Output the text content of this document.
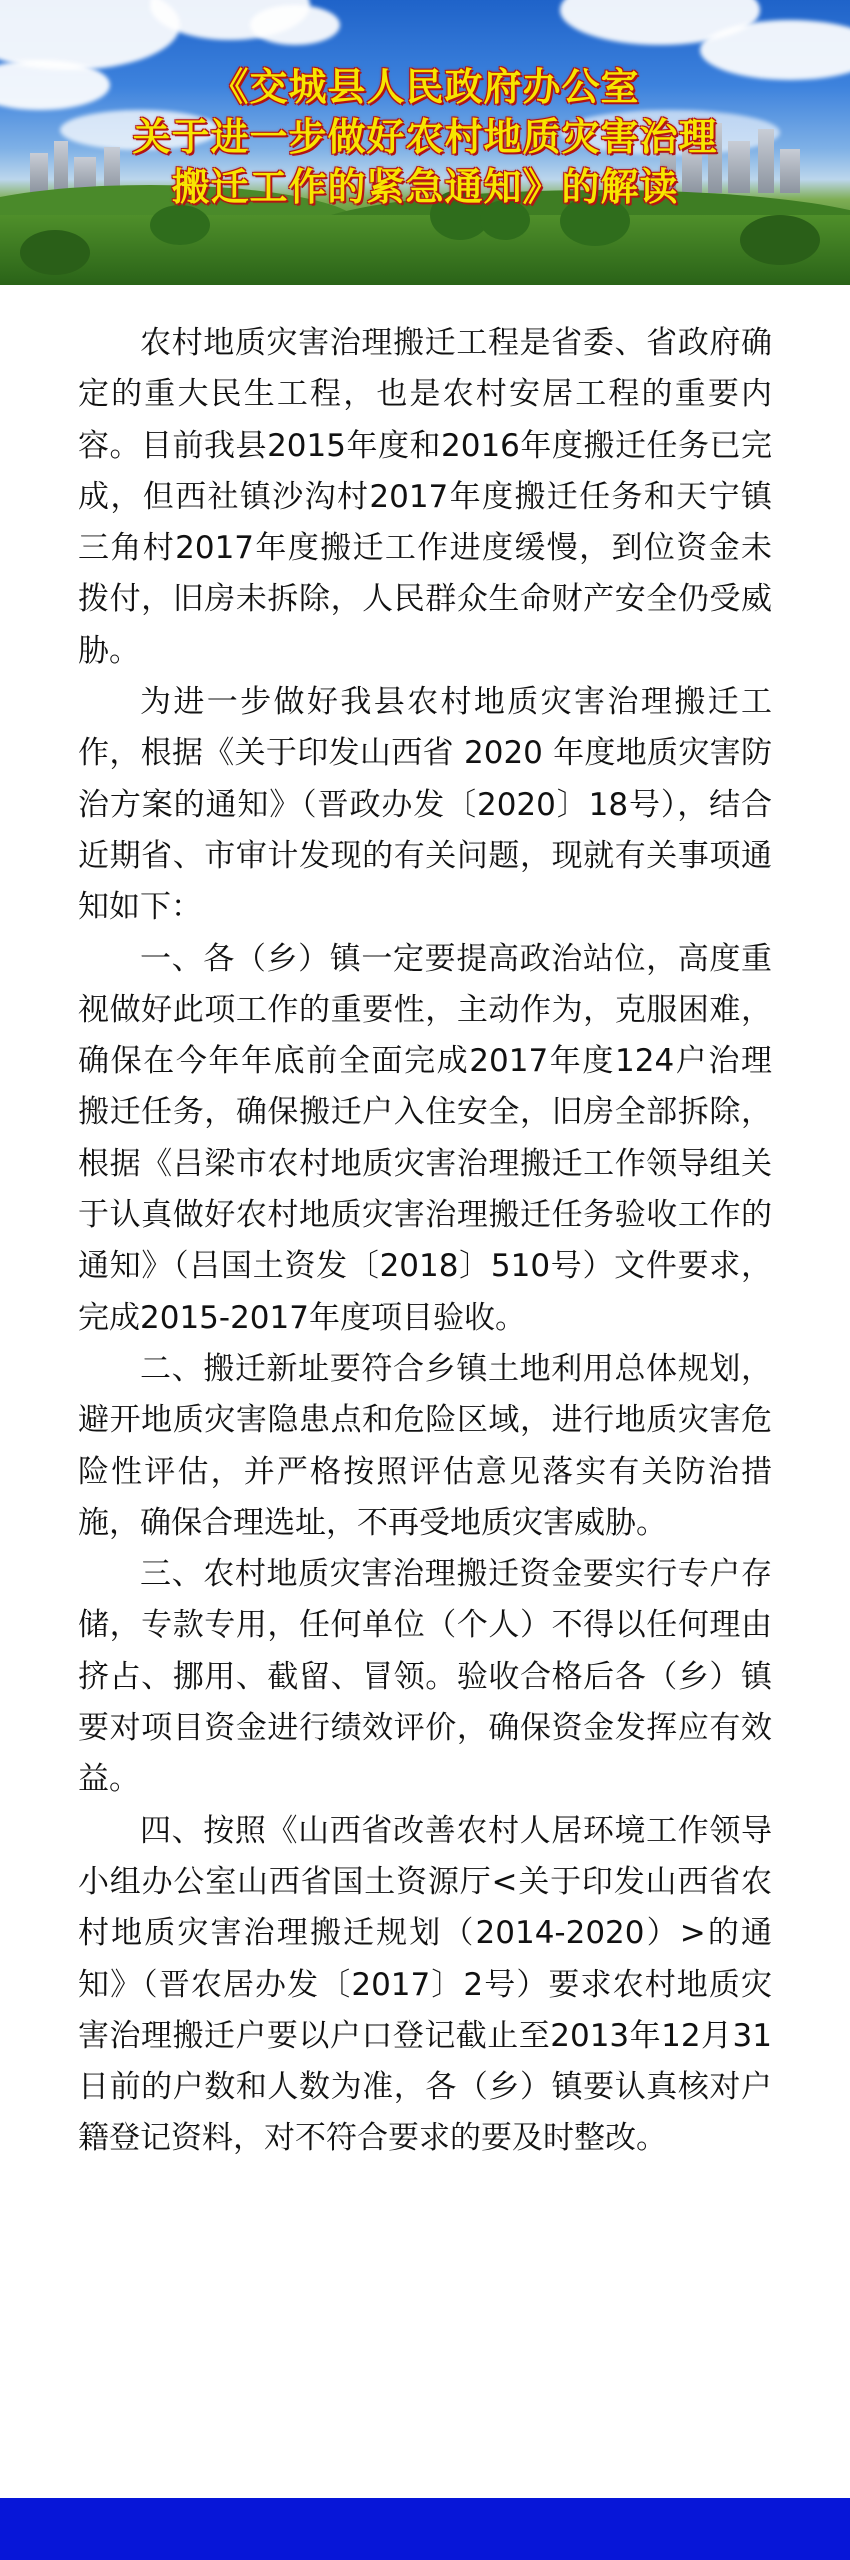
《交城县人民政府办公室
关于进一步做好农村地质灾害治理
搬迁工作的紧急通知》的解读

农村地质灾害治理搬迁工程是省委、省政府确定的重大民生工程，也是农村安居工程的重要内容。目前我县2015年度和2016年度搬迁任务已完成，但西社镇沙沟村2017年度搬迁任务和天宁镇三角村2017年度搬迁工作进度缓慢，到位资金未拨付，旧房未拆除，人民群众生命财产安全仍受威胁。

为进一步做好我县农村地质灾害治理搬迁工作，根据《关于印发山西省 2020 年度地质灾害防治方案的通知》（晋政办发〔2020〕18号），结合近期省、市审计发现的有关问题，现就有关事项通知如下：

一、各（乡）镇一定要提高政治站位，高度重视做好此项工作的重要性，主动作为，克服困难，确保在今年年底前全面完成2017年度124户治理搬迁任务，确保搬迁户入住安全，旧房全部拆除，根据《吕梁市农村地质灾害治理搬迁工作领导组关于认真做好农村地质灾害治理搬迁任务验收工作的通知》（吕国土资发〔2018〕510号）文件要求，完成2015-2017年度项目验收。

二、搬迁新址要符合乡镇土地利用总体规划，避开地质灾害隐患点和危险区域，进行地质灾害危险性评估，并严格按照评估意见落实有关防治措施，确保合理选址，不再受地质灾害威胁。

三、农村地质灾害治理搬迁资金要实行专户存储，专款专用，任何单位（个人）不得以任何理由挤占、挪用、截留、冒领。验收合格后各（乡）镇要对项目资金进行绩效评价，确保资金发挥应有效益。

四、按照《山西省改善农村人居环境工作领导小组办公室山西省国土资源厅<关于印发山西省农村地质灾害治理搬迁规划（2014-2020）>的通知》（晋农居办发〔2017〕2号）要求农村地质灾害治理搬迁户要以户口登记截止至2013年12月31日前的户数和人数为准，各（乡）镇要认真核对户籍登记资料，对不符合要求的要及时整改。
